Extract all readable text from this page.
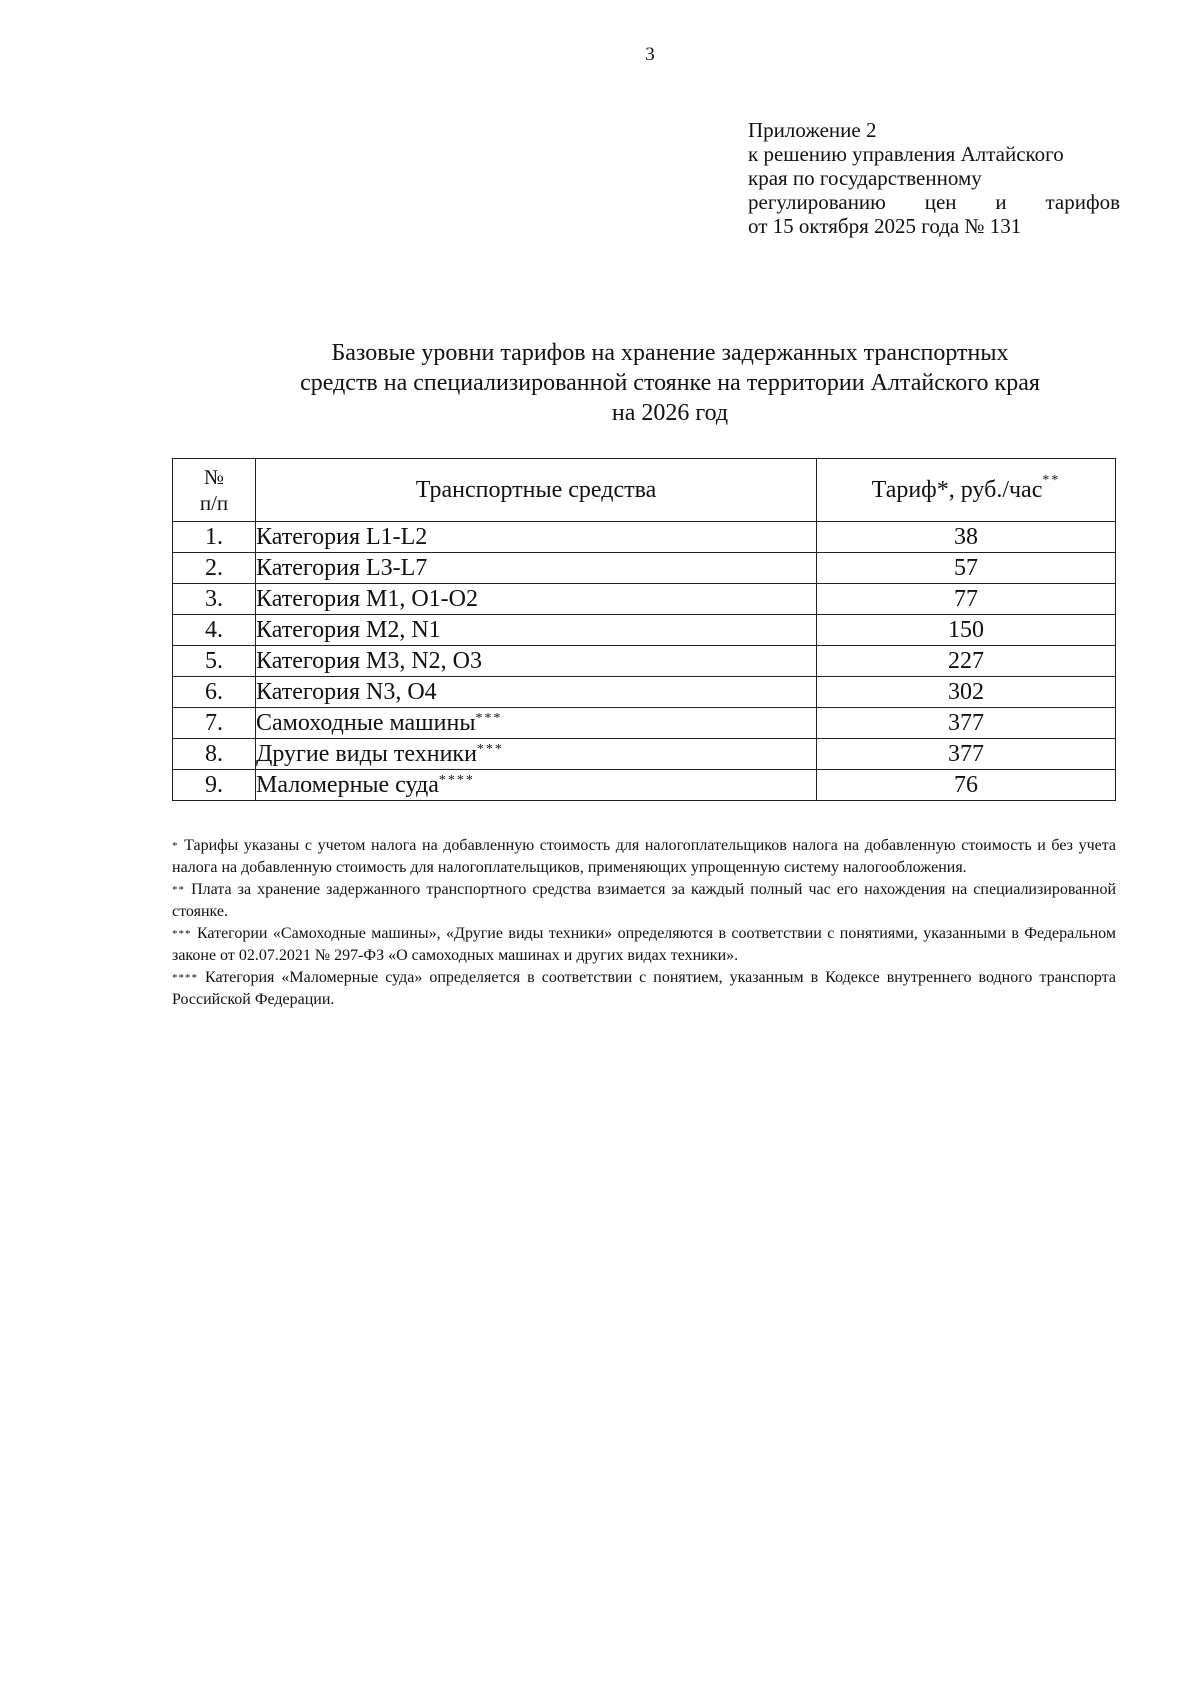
3
Приложение 2
к решению управления Алтайского
края по государственному
регулированию цен и тарифов
от 15 октября 2025 года № 131
Базовые уровни тарифов на хранение задержанных транспортных
средств на специализированной стоянке на территории Алтайского края
на 2026 год
№
п/п	Транспортные средства	Тариф*, руб./час**
1.	Категория L1-L2	38
2.	Категория L3-L7	57
3.	Категория M1, O1-O2	77
4.	Категория M2, N1	150
5.	Категория M3, N2, O3	227
6.	Категория N3, O4	302
7.	Самоходные машины***	377
8.	Другие виды техники***	377
9.	Маломерные суда****	76

* Тарифы указаны с учетом налога на добавленную стоимость для налогоплательщиков налога на добавленную стоимость и без учета налога на добавленную стоимость для налогоплательщиков, применяющих упрощенную систему налогообложения.

** Плата за хранение задержанного транспортного средства взимается за каждый полный час его нахождения на специализированной стоянке.

*** Категории «Самоходные машины», «Другие виды техники» определяются в соответствии с понятиями, указанными в Федеральном законе от 02.07.2021 № 297-ФЗ «О самоходных машинах и других видах техники».

**** Категория «Маломерные суда» определяется в соответствии с понятием, указанным в Кодексе внутреннего водного транспорта Российской Федерации.
